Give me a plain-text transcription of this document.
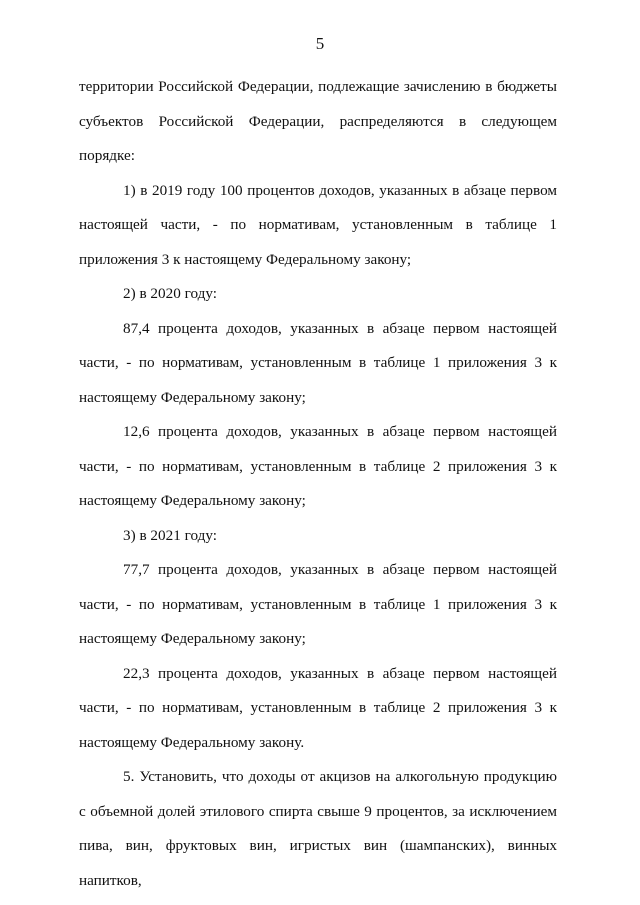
5

территории Российской Федерации, подлежащие зачислению в бюджеты субъектов Российской Федерации, распределяются в следующем порядке:

1) в 2019 году 100 процентов доходов, указанных в абзаце первом настоящей части, - по нормативам, установленным в таблице 1 приложения 3 к настоящему Федеральному закону;

2) в 2020 году:

87,4 процента доходов, указанных в абзаце первом настоящей части, - по нормативам, установленным в таблице 1 приложения 3 к настоящему Федеральному закону;

12,6 процента доходов, указанных в абзаце первом настоящей части, - по нормативам, установленным в таблице 2 приложения 3 к настоящему Федеральному закону;

3) в 2021 году:

77,7 процента доходов, указанных в абзаце первом настоящей части, - по нормативам, установленным в таблице 1 приложения 3 к настоящему Федеральному закону;

22,3 процента доходов, указанных в абзаце первом настоящей части, - по нормативам, установленным в таблице 2 приложения 3 к настоящему Федеральному закону.

5. Установить, что доходы от акцизов на алкогольную продукцию с объемной долей этилового спирта свыше 9 процентов, за исключением пива, вин, фруктовых вин, игристых вин (шампанских), винных напитков,
